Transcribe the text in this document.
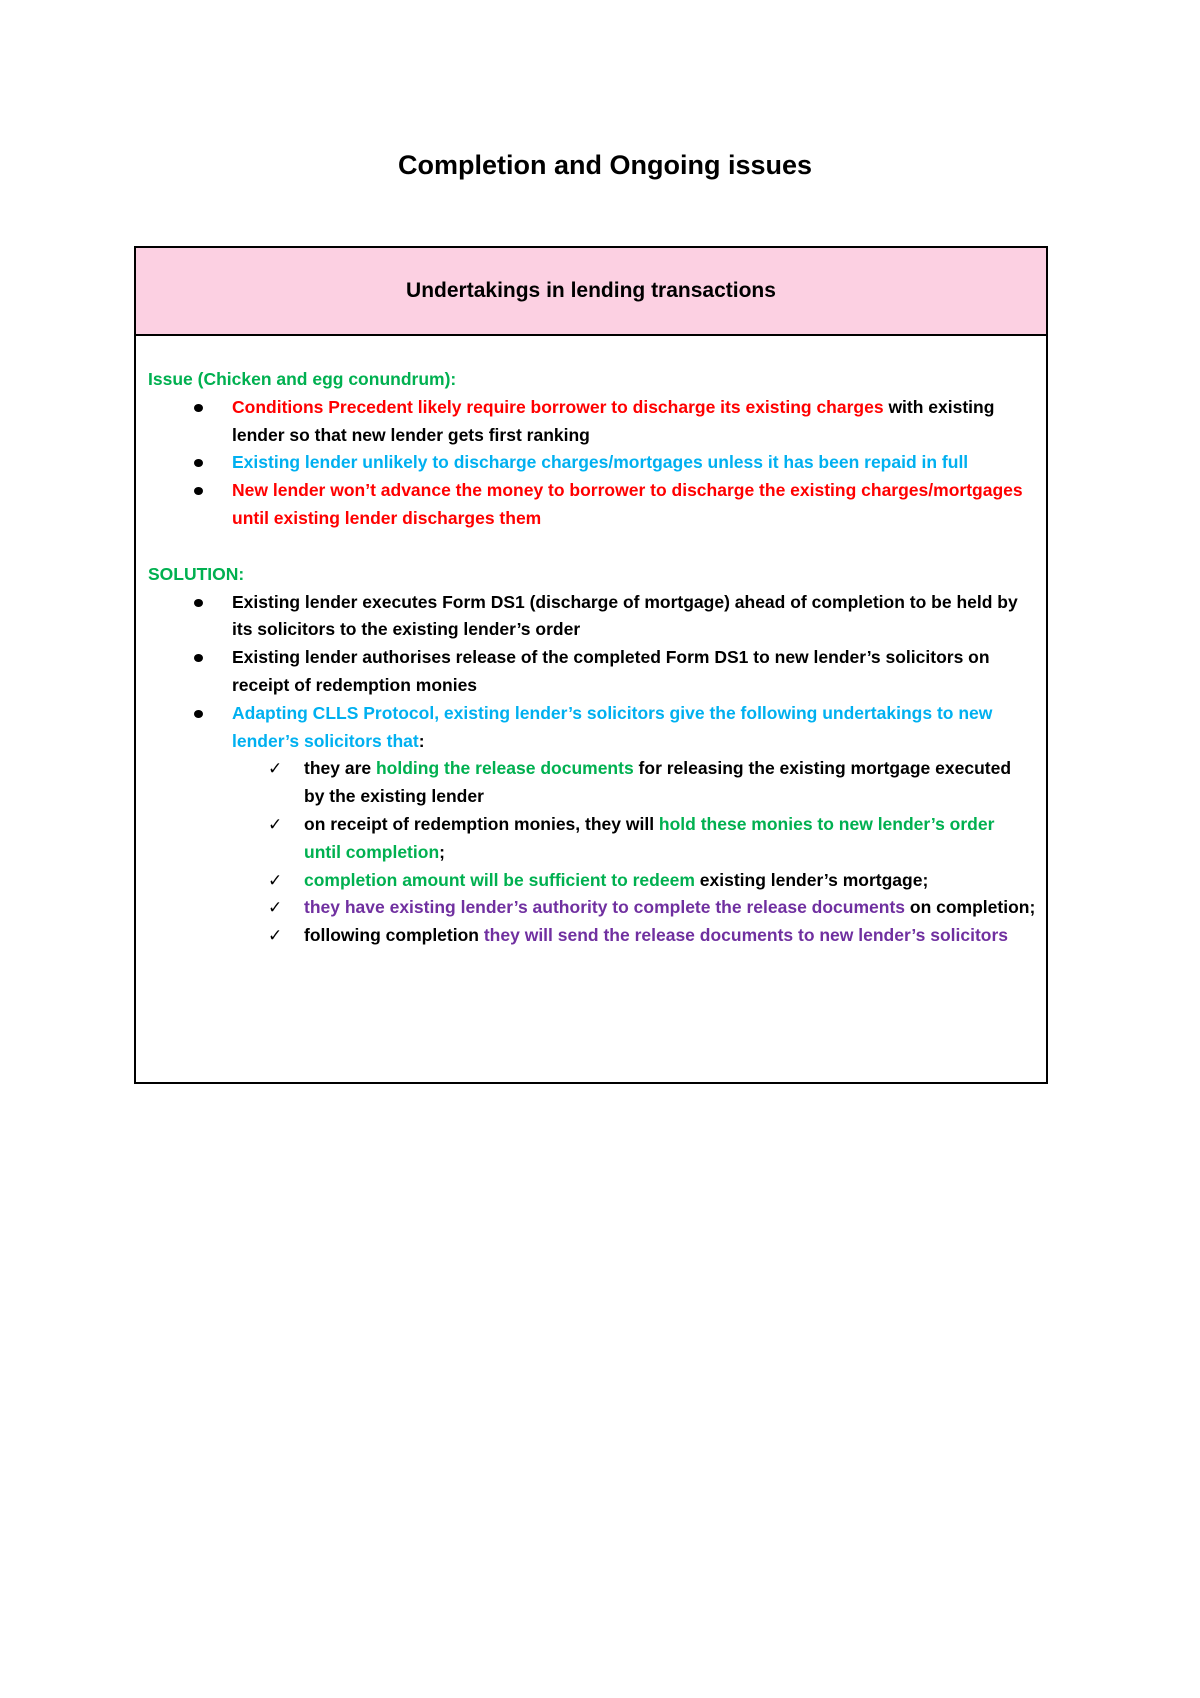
Completion and Ongoing issues
Undertakings in lending transactions
Issue (Chicken and egg conundrum):
Conditions Precedent likely require borrower to discharge its existing charges with existing lender so that new lender gets first ranking
Existing lender unlikely to discharge charges/mortgages unless it has been repaid in full
New lender won’t advance the money to borrower to discharge the existing charges/mortgages until existing lender discharges them
SOLUTION:
Existing lender executes Form DS1 (discharge of mortgage) ahead of completion to be held by its solicitors to the existing lender’s order
Existing lender authorises release of the completed Form DS1 to new lender’s solicitors on receipt of redemption monies
Adapting CLLS Protocol, existing lender’s solicitors give the following undertakings to new lender’s solicitors that:
✓ they are holding the release documents for releasing the existing mortgage executed by the existing lender
✓ on receipt of redemption monies, they will hold these monies to new lender’s order until completion;
✓ completion amount will be sufficient to redeem existing lender’s mortgage;
✓ they have existing lender’s authority to complete the release documents on completion;
✓ following completion they will send the release documents to new lender’s solicitors
